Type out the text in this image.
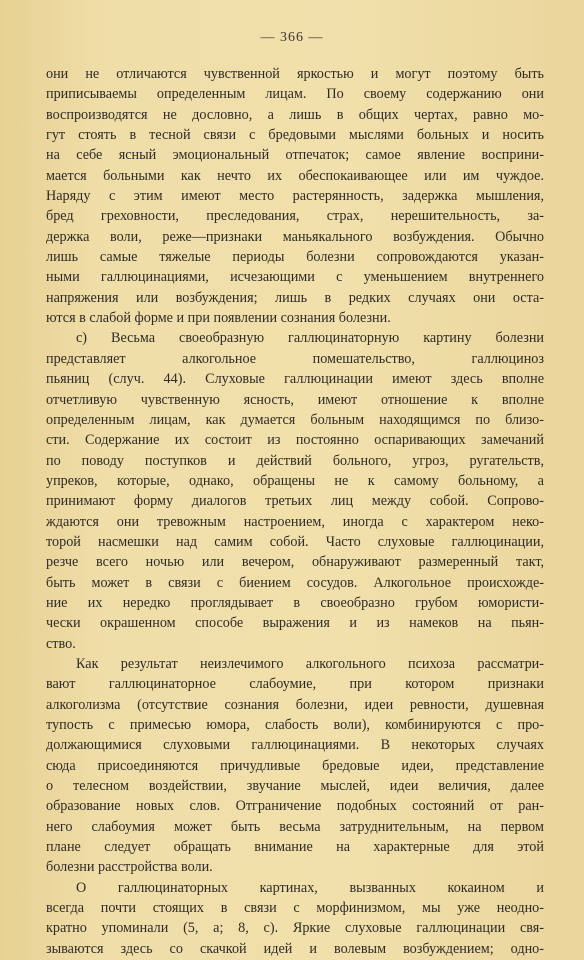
— 366 —
они не отличаются чувственной яркостью и могут поэтому быть
приписываемы определенным лицам. По своему содержанию они
воспроизводятся не дословно, а лишь в общих чертах, равно мо-
гут стоять в тесной связи с бредовыми мыслями больных и носить
на себе ясный эмоциональный отпечаток; самое явление восприни-
мается больными как нечто их обеспокаивающее или им чуждое.
Наряду с этим имеют место растерянность, задержка мышления,
бред греховности, преследования, страх, нерешительность, за-
держка воли, реже—признаки маньякального возбуждения. Обычно
лишь самые тяжелые периоды болезни сопровождаются указан-
ными галлюцинациями, исчезающими с уменьшением внутреннего
напряжения или возбуждения; лишь в редких случаях они оста-
ются в слабой форме и при появлении сознания болезни.
c) Весьма своеобразную галлюцинаторную картину болезни
представляет алкогольное помешательство, галлюциноз
пьяниц (случ. 44). Слуховые галлюцинации имеют здесь вполне
отчетливую чувственную ясность, имеют отношение к вполне
определенным лицам, как думается больным находящимся по близо-
сти. Содержание их состоит из постоянно оспаривающих замечаний
по поводу поступков и действий больного, угроз, ругательств,
упреков, которые, однако, обращены не к самому больному, а
принимают форму диалогов третьих лиц между собой. Сопрово-
ждаются они тревожным настроением, иногда с характером неко-
торой насмешки над самим собой. Часто слуховые галлюцинации,
резче всего ночью или вечером, обнаруживают размеренный такт,
быть может в связи с биением сосудов. Алкогольное происхожде-
ние их нередко проглядывает в своеобразно грубом юмористи-
чески окрашенном способе выражения и из намеков на пьян-
ство.
Как результат неизлечимого алкогольного психоза рассматри-
вают галлюцинаторное слабоумие, при котором признаки
алкоголизма (отсутствие сознания болезни, идеи ревности, душевная
тупость с примесью юмора, слабость воли), комбинируются с про-
должающимися слуховыми галлюцинациями. В некоторых случаях
сюда присоединяются причудливые бредовые идеи, представление
о телесном воздействии, звучание мыслей, идеи величия, далее
образование новых слов. Отграничение подобных состояний от ран-
него слабоумия может быть весьма затруднительным, на первом
плане следует обращать внимание на характерные для этой
болезни расстройства воли.
О галлюцинаторных картинах, вызванных кокаином и
всегда почти стоящих в связи с морфинизмом, мы уже неодно-
кратно упоминали (5, a; 8, c). Яркие слуховые галлюцинации свя-
зываются здесь со скачкой идей и волевым возбуждением; одно-
